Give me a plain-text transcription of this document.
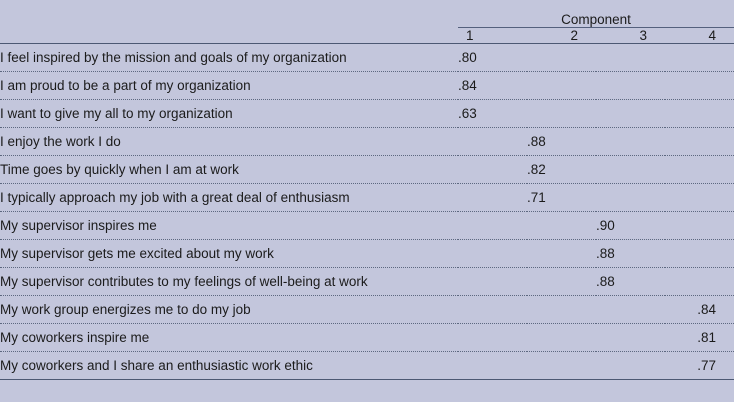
	Component			

	1	2	3	4

I feel inspired by the mission and goals of my organization	.80			
I am proud to be a part of my organization	.84			
I want to give my all to my organization	.63			
I enjoy the work I do		.88		
Time goes by quickly when I am at work		.82		
I typically approach my job with a great deal of enthusiasm		.71		
My supervisor inspires me			.90	
My supervisor gets me excited about my work			.88	
My supervisor contributes to my feelings of well-being at work			.88	
My work group energizes me to do my job				.84
My coworkers inspire me				.81
My coworkers and I share an enthusiastic work ethic				.77
